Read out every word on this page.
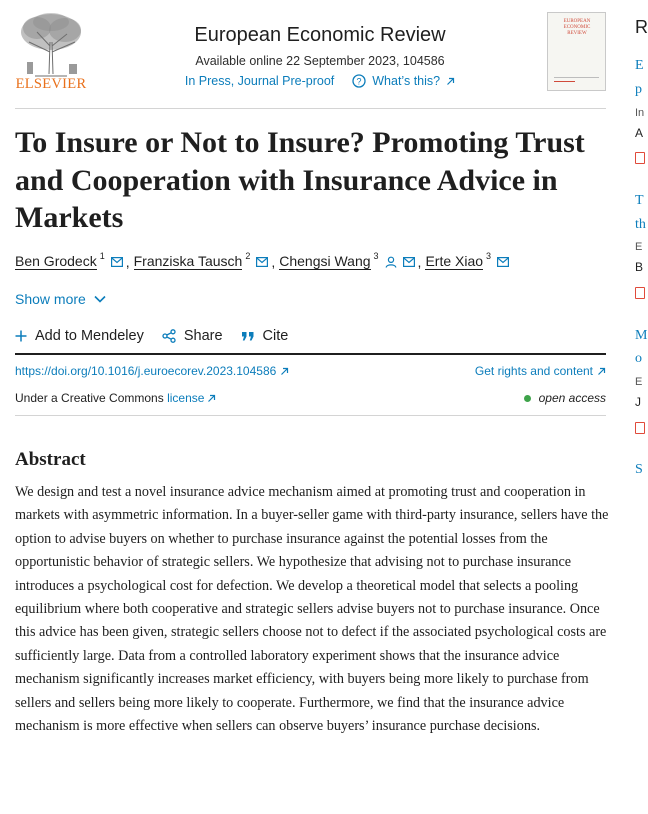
ELSEVIER
European Economic Review
Available online 22 September 2023, 104586
In Press, Journal Pre-proof ? What’s this?
EUROPEAN
ECONOMIC
REVIEW
To Insure or Not to Insure? Promoting Trust and Cooperation with Insurance Advice in Markets
Ben Grodeck $^1$ , Franziska Tausch $^2$ , Chengsi Wang $^3$	, Erte Xiao $^3$
Show more
Add to Mendeley	Share	Cite
https://doi.org/10.1016/j.euroecorev.2023.104586	Get rights and content
Under a Creative Commons license	open access
Abstract

We design and test a novel insurance advice mechanism aimed at promoting trust and cooperation in markets with asymmetric information. In a buyer-seller game with third-party insurance, sellers have the option to advise buyers on whether to purchase insurance against the potential losses from the opportunistic behavior of strategic sellers. We hypothesize that advising not to purchase insurance introduces a psychological cost for defection. We develop a theoretical model that selects a pooling equilibrium where both cooperative and strategic sellers advise buyers not to purchase insurance. Once this advice has been given, strategic sellers choose not to defect if the associated psychological costs are sufficiently large. Data from a controlled laboratory experiment shows that the insurance advice mechanism significantly increases market efficiency, with buyers being more likely to purchase from sellers and sellers being more likely to cooperate. Furthermore, we find that the insurance advice mechanism is more effective when sellers can observe buyers’ insurance purchase decisions.

R
E
p
In
A
T
th
E
B
M
o
E
J
S
